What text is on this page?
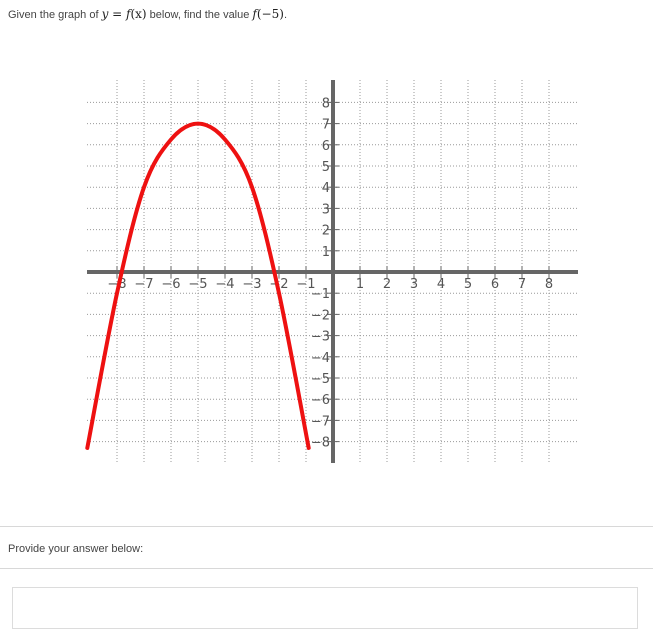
Given the graph of y = f(x) below, find the value f(−5).
−8 −7 −6 −5 −4 −3 −2 −1	1 2 3 4 5 6 7 8
−8
−7
−6
−5
−4
−3
−2
−1
1
2
3
4
5
6
7
8
Provide your answer below:
